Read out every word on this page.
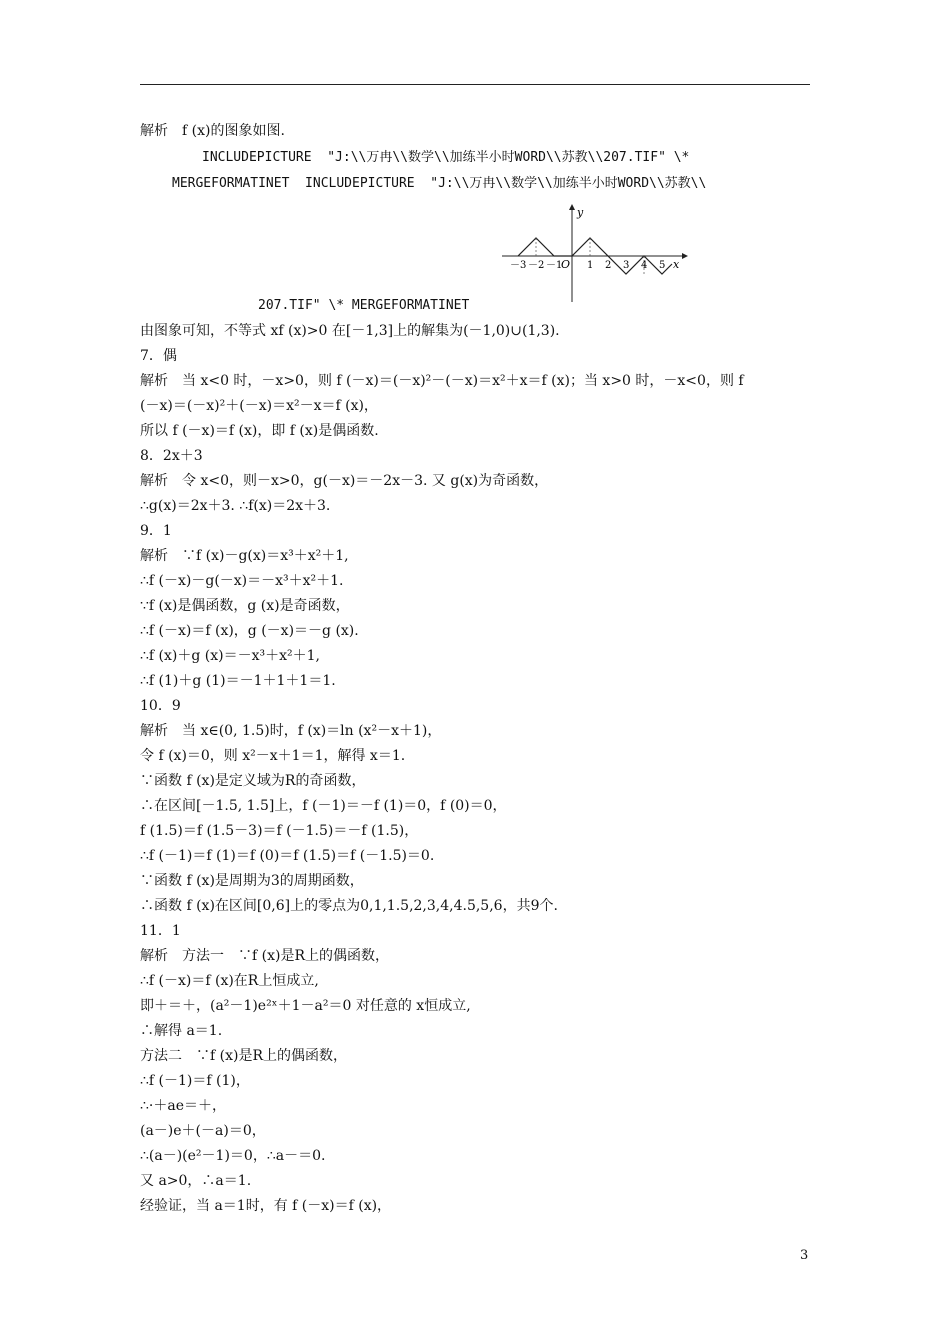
解析　f (x)的图象如图.
INCLUDEPICTURE  "J:\\万冉\\数学\\加练半小时WORD\\苏教\\207.TIF" \*
MERGEFORMATINET  INCLUDEPICTURE  "J:\\万冉\\数学\\加练半小时WORD\\苏教\\
y
x
O
－3 －2 －1 1 2 3 4 5
207.TIF" \* MERGEFORMATINET
由图象可知，不等式 xf (x)>0 在[－1,3]上的解集为(－1,0)∪(1,3).
7．偶
解析　当 x<0 时，－x>0，则 f (－x)＝(－x)²－(－x)＝x²＋x＝f (x)；当 x>0 时，－x<0，则 f
(－x)＝(－x)²＋(－x)＝x²－x＝f (x)，
所以 f (－x)＝f (x)，即 f (x)是偶函数.
8．2x＋3
解析　令 x<0，则－x>0，g(－x)＝－2x－3. 又 g(x)为奇函数，
∴g(x)＝2x＋3. ∴f(x)＝2x＋3.
9．1
解析　∵f (x)－g(x)＝x³＋x²＋1,
∴f (－x)－g(－x)＝－x³＋x²＋1.
∵f (x)是偶函数，g (x)是奇函数，
∴f (－x)＝f (x)，g (－x)＝－g (x).
∴f (x)＋g (x)＝－x³＋x²＋1,
∴f (1)＋g (1)＝－1＋1＋1＝1.
10．9
解析　当 x∈(0, 1.5)时，f (x)＝ln (x²－x＋1)，
令 f (x)＝0，则 x²－x＋1＝1，解得 x＝1.
∵函数 f (x)是定义域为R的奇函数，
∴在区间[－1.5, 1.5]上，f (－1)＝－f (1)＝0，f (0)＝0，
f (1.5)＝f (1.5－3)＝f (－1.5)＝－f (1.5)，
∴f (－1)＝f (1)＝f (0)＝f (1.5)＝f (－1.5)＝0.
∵函数 f (x)是周期为3的周期函数，
∴函数 f (x)在区间[0,6]上的零点为0,1,1.5,2,3,4,4.5,5,6，共9个.
11．1
解析　方法一　∵f (x)是R上的偶函数，
∴f (－x)＝f (x)在R上恒成立,
即＋＝＋，(a²－1)e²ˣ＋1－a²＝0 对任意的 x恒成立,
∴解得 a＝1.
方法二　∵f (x)是R上的偶函数，
∴f (－1)＝f (1)，
∴·＋ae＝＋，
(a－)e＋(－a)＝0，
∴(a－)(e²－1)＝0，∴a－＝0.
又 a>0，∴a＝1.
经验证，当 a＝1时，有 f (－x)＝f (x)，
3
